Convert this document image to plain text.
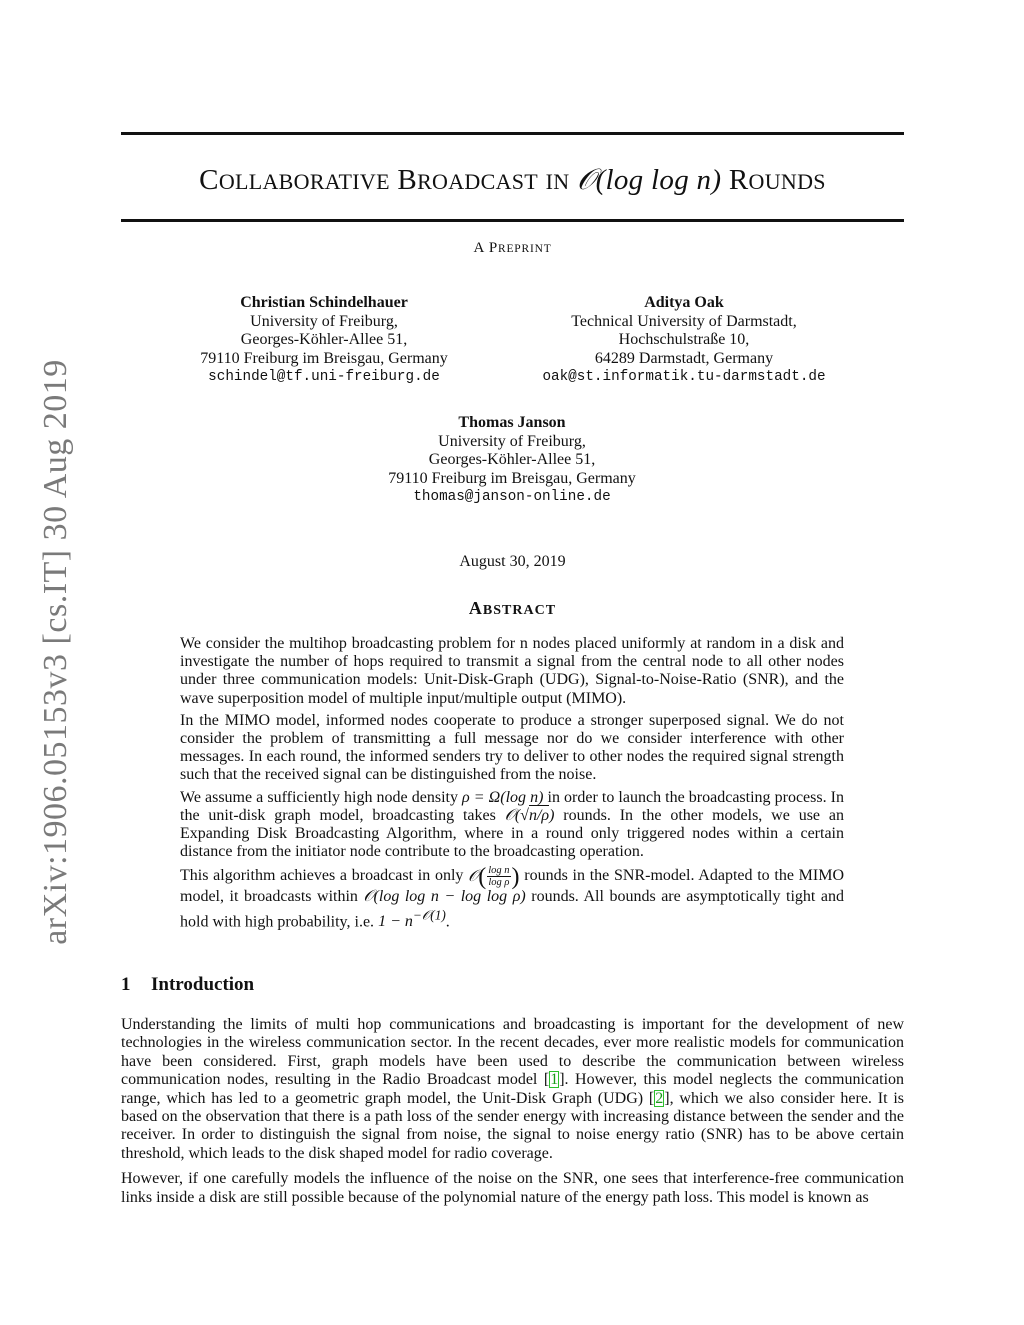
arXiv:1906.05153v3 [cs.IT] 30 Aug 2019
COLLABORATIVE BROADCAST IN 𝒪(log log n) ROUNDS
A PREPRINT
Christian Schindelhauer
University of Freiburg,
Georges-Köhler-Allee 51,
79110 Freiburg im Breisgau, Germany
schindel@tf.uni-freiburg.de
Aditya Oak
Technical University of Darmstadt,
Hochschulstraße 10,
64289 Darmstadt, Germany
oak@st.informatik.tu-darmstadt.de
Thomas Janson
University of Freiburg,
Georges-Köhler-Allee 51,
79110 Freiburg im Breisgau, Germany
thomas@janson-online.de
August 30, 2019
ABSTRACT

We consider the multihop broadcasting problem for n nodes placed uniformly at random in a disk and investigate the number of hops required to transmit a signal from the central node to all other nodes under three communication models: Unit-Disk-Graph (UDG), Signal-to-Noise-Ratio (SNR), and the wave superposition model of multiple input/multiple output (MIMO).

In the MIMO model, informed nodes cooperate to produce a stronger superposed signal. We do not consider the problem of transmitting a full message nor do we consider interference with other messages. In each round, the informed senders try to deliver to other nodes the required signal strength such that the received signal can be distinguished from the noise.

We assume a sufficiently high node density ρ = Ω(log n) in order to launch the broadcasting process. In the unit-disk graph model, broadcasting takes 𝒪(√n/ρ) rounds. In the other models, we use an Expanding Disk Broadcasting Algorithm, where in a round only triggered nodes within a certain distance from the initiator node contribute to the broadcasting operation.

This algorithm achieves a broadcast in only 𝒪( $\frac{\text{log n}}{\text{log ρ}}$ ) rounds in the SNR-model. Adapted to the MIMO model, it broadcasts within 𝒪(log log n − log log ρ) rounds. All bounds are asymptotically tight and hold with high probability, i.e. $1 - n^{-𝒪(1)}$.

1 Introduction

Understanding the limits of multi hop communications and broadcasting is important for the development of new technologies in the wireless communication sector. In the recent decades, ever more realistic models for communication have been considered. First, graph models have been used to describe the communication between wireless communication nodes, resulting in the Radio Broadcast model [1]. However, this model neglects the communication range, which has led to a geometric graph model, the Unit-Disk Graph (UDG) [2], which we also consider here. It is based on the observation that there is a path loss of the sender energy with increasing distance between the sender and the receiver. In order to distinguish the signal from noise, the signal to noise energy ratio (SNR) has to be above certain threshold, which leads to the disk shaped model for radio coverage.

However, if one carefully models the influence of the noise on the SNR, one sees that interference-free communication links inside a disk are still possible because of the polynomial nature of the energy path loss. This model is known as
